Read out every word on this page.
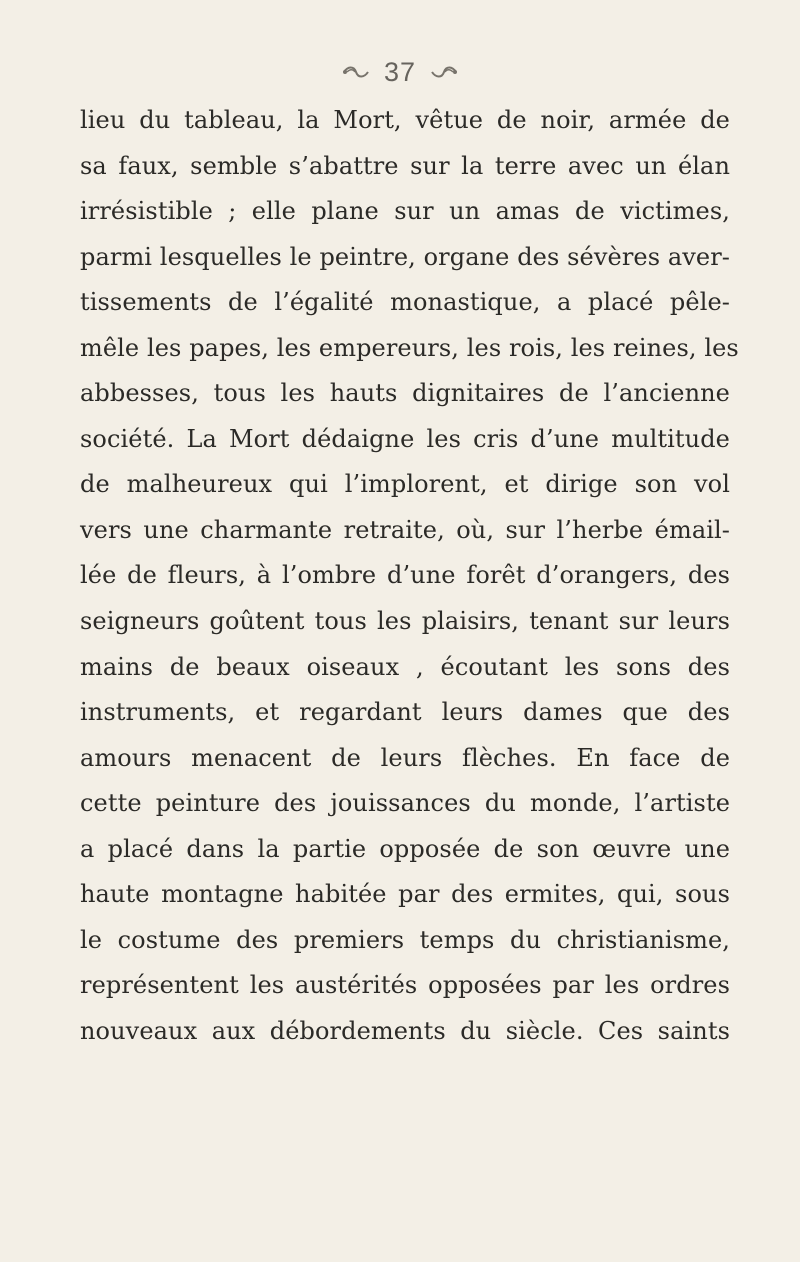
37
lieu du tableau, la Mort, vêtue de noir, armée de
sa faux, semble s’abattre sur la terre avec un élan
irrésistible ; elle plane sur un amas de victimes,
parmi lesquelles le peintre, organe des sévères aver-
tissements de l’égalité monastique, a placé pêle-
mêle les papes, les empereurs, les rois, les reines, les
abbesses, tous les hauts dignitaires de l’ancienne
société. La Mort dédaigne les cris d’une multitude
de malheureux qui l’implorent, et dirige son vol
vers une charmante retraite, où, sur l’herbe émail-
lée de fleurs, à l’ombre d’une forêt d’orangers, des
seigneurs goûtent tous les plaisirs, tenant sur leurs
mains de beaux oiseaux , écoutant les sons des
instruments, et regardant leurs dames que des
amours menacent de leurs flèches. En face de
cette peinture des jouissances du monde, l’artiste
a placé dans la partie opposée de son œuvre une
haute montagne habitée par des ermites, qui, sous
le costume des premiers temps du christianisme,
représentent les austérités opposées par les ordres
nouveaux aux débordements du siècle. Ces saints
